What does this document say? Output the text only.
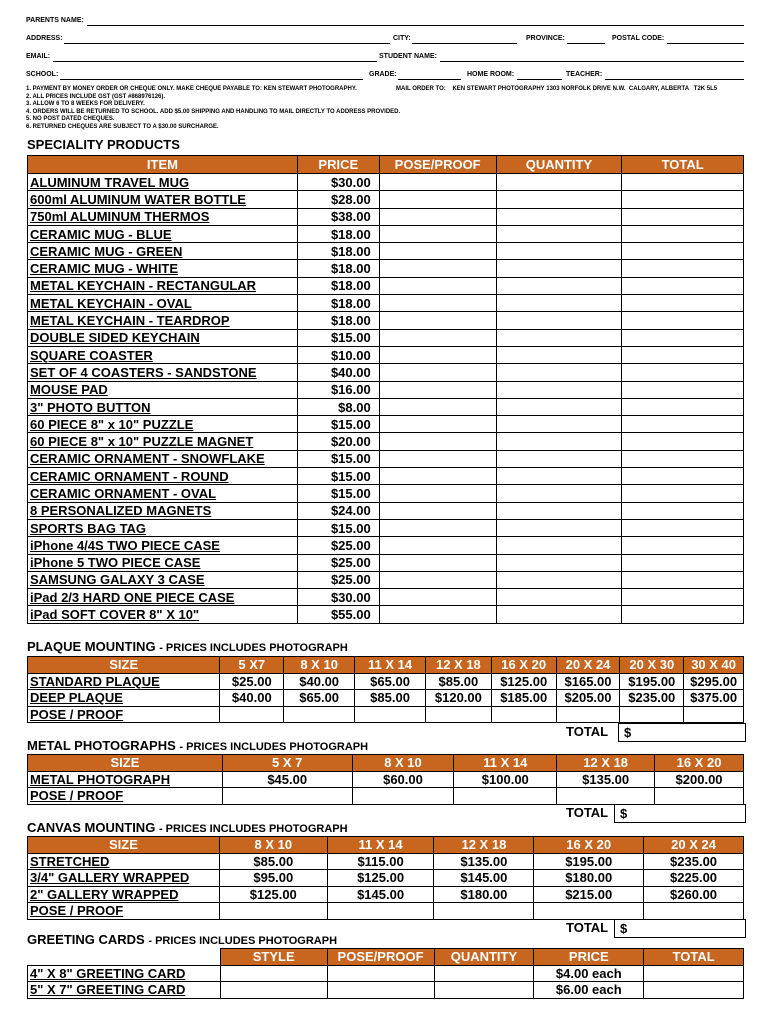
PARENTS NAME:
ADDRESS:	CITY:	PROVINCE:	POSTAL CODE:
EMAIL:	STUDENT NAME:
SCHOOL:	GRADE:	HOME ROOM:	TEACHER:
1. PAYMENT BY MONEY ORDER OR CHEQUE ONLY. MAKE CHEQUE PAYABLE TO: KEN STEWART PHOTOGRAPHY.
2. ALL PRICES INCLUDE GST (GST #868976126).
3. ALLOW 6 TO 8 WEEKS FOR DELIVERY.
4. ORDERS WILL BE RETURNED TO SCHOOL. ADD $5.00 SHIPPING AND HANDLING TO MAIL DIRECTLY TO ADDRESS PROVIDED.
5. NO POST DATED CHEQUES.
6. RETURNED CHEQUES ARE SUBJECT TO A $30.00 SURCHARGE.
MAIL ORDER TO:    KEN STEWART PHOTOGRAPHY 1303 NORFOLK DRIVE N.W.  CALGARY, ALBERTA   T2K 5L5
SPECIALITY PRODUCTS
ITEM	PRICE	POSE/PROOF	QUANTITY	TOTAL
ALUMINUM TRAVEL MUG	$30.00			
600ml ALUMINUM WATER BOTTLE	$28.00			
750ml ALUMINUM THERMOS	$38.00			
CERAMIC MUG - BLUE	$18.00			
CERAMIC MUG - GREEN	$18.00			
CERAMIC MUG - WHITE	$18.00			
METAL KEYCHAIN - RECTANGULAR	$18.00			
METAL KEYCHAIN - OVAL	$18.00			
METAL KEYCHAIN - TEARDROP	$18.00			
DOUBLE SIDED KEYCHAIN	$15.00			
SQUARE COASTER	$10.00			
SET OF 4 COASTERS - SANDSTONE	$40.00			
MOUSE PAD	$16.00			
3" PHOTO BUTTON	$8.00			
60 PIECE 8" x 10" PUZZLE	$15.00			
60 PIECE 8" x 10" PUZZLE MAGNET	$20.00			
CERAMIC ORNAMENT - SNOWFLAKE	$15.00			
CERAMIC ORNAMENT - ROUND	$15.00			
CERAMIC ORNAMENT - OVAL	$15.00			
8 PERSONALIZED MAGNETS	$24.00			
SPORTS BAG TAG	$15.00			
iPhone 4/4S TWO PIECE CASE	$25.00			
iPhone 5 TWO PIECE CASE	$25.00			
SAMSUNG GALAXY 3 CASE	$25.00			
iPad 2/3 HARD ONE PIECE CASE	$30.00			
iPad SOFT COVER 8" X 10"	$55.00			
PLAQUE MOUNTING - PRICES INCLUDES PHOTOGRAPH
SIZE	5 X7	8 X 10	11 X 14	12 X 18	16 X 20	20 X 24	20 X 30	30 X 40
STANDARD PLAQUE	$25.00	$40.00	$65.00	$85.00	$125.00	$165.00	$195.00	$295.00
DEEP PLAQUE	$40.00	$65.00	$85.00	$120.00	$185.00	$205.00	$235.00	$375.00
POSE / PROOF								
TOTAL	$
METAL PHOTOGRAPHS - PRICES INCLUDES PHOTOGRAPH
SIZE	5 X 7	8 X 10	11 X 14	12 X 18	16 X 20
METAL PHOTOGRAPH	$45.00	$60.00	$100.00	$135.00	$200.00
POSE / PROOF					
TOTAL $
CANVAS MOUNTING - PRICES INCLUDES PHOTOGRAPH
SIZE	8 X 10	11 X 14	12 X 18	16 X 20	20 X 24
STRETCHED	$85.00	$115.00	$135.00	$195.00	$235.00
3/4" GALLERY WRAPPED	$95.00	$125.00	$145.00	$180.00	$225.00
2" GALLERY WRAPPED	$125.00	$145.00	$180.00	$215.00	$260.00
POSE / PROOF					
TOTAL $
GREETING CARDS - PRICES INCLUDES PHOTOGRAPH
	STYLE	POSE/PROOF	QUANTITY	PRICE	TOTAL
4" X 8" GREETING CARD				$4.00 each	
5" X 7" GREETING CARD				$6.00 each	
